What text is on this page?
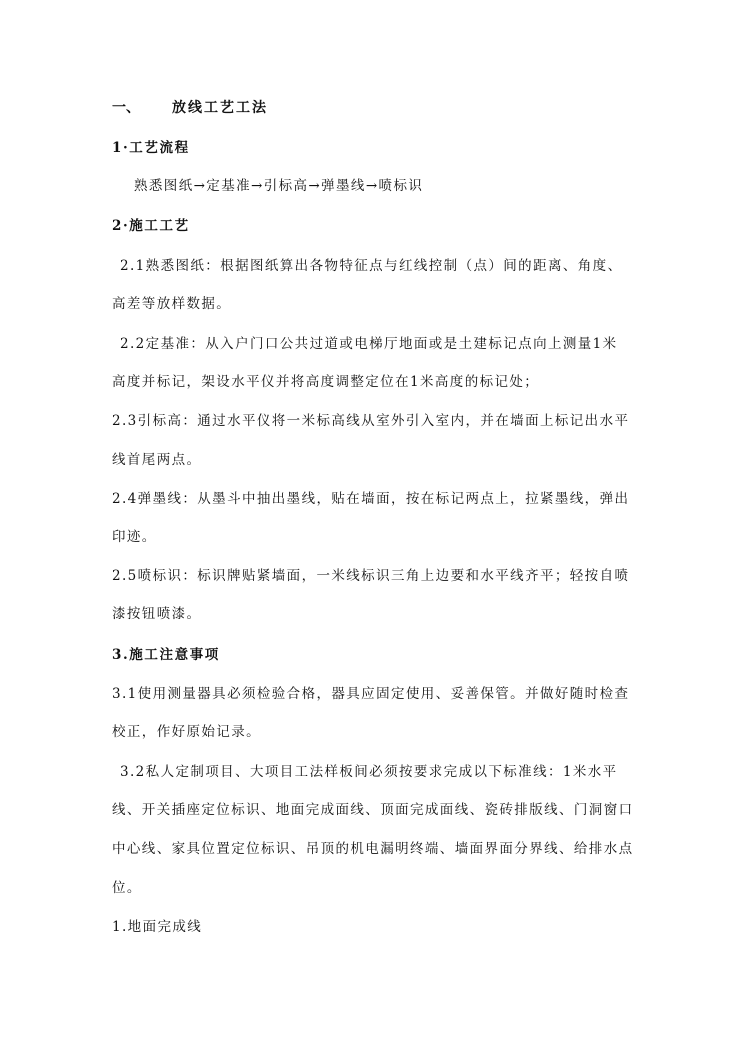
一、 放线工艺工法
1·工艺流程
熟悉图纸→定基准→引标高→弹墨线→喷标识
2·施工工艺
2.1熟悉图纸：根据图纸算出各物特征点与红线控制（点）间的距离、角度、
高差等放样数据。
2.2定基准：从入户门口公共过道或电梯厅地面或是土建标记点向上测量1米
高度并标记，架设水平仪并将高度调整定位在1米高度的标记处；
2.3引标高：通过水平仪将一米标高线从室外引入室内，并在墙面上标记出水平
线首尾两点。
2.4弹墨线：从墨斗中抽出墨线，贴在墙面，按在标记两点上，拉紧墨线，弹出
印迹。
2.5喷标识：标识牌贴紧墙面，一米线标识三角上边要和水平线齐平；轻按自喷
漆按钮喷漆。
3.施工注意事项
3.1使用测量器具必须检验合格，器具应固定使用、妥善保管。并做好随时检查
校正，作好原始记录。
3.2私人定制项目、大项目工法样板间必须按要求完成以下标准线：1米水平
线、开关插座定位标识、地面完成面线、顶面完成面线、瓷砖排版线、门洞窗口
中心线、家具位置定位标识、吊顶的机电漏明终端、墙面界面分界线、给排水点
位。
1.地面完成线
